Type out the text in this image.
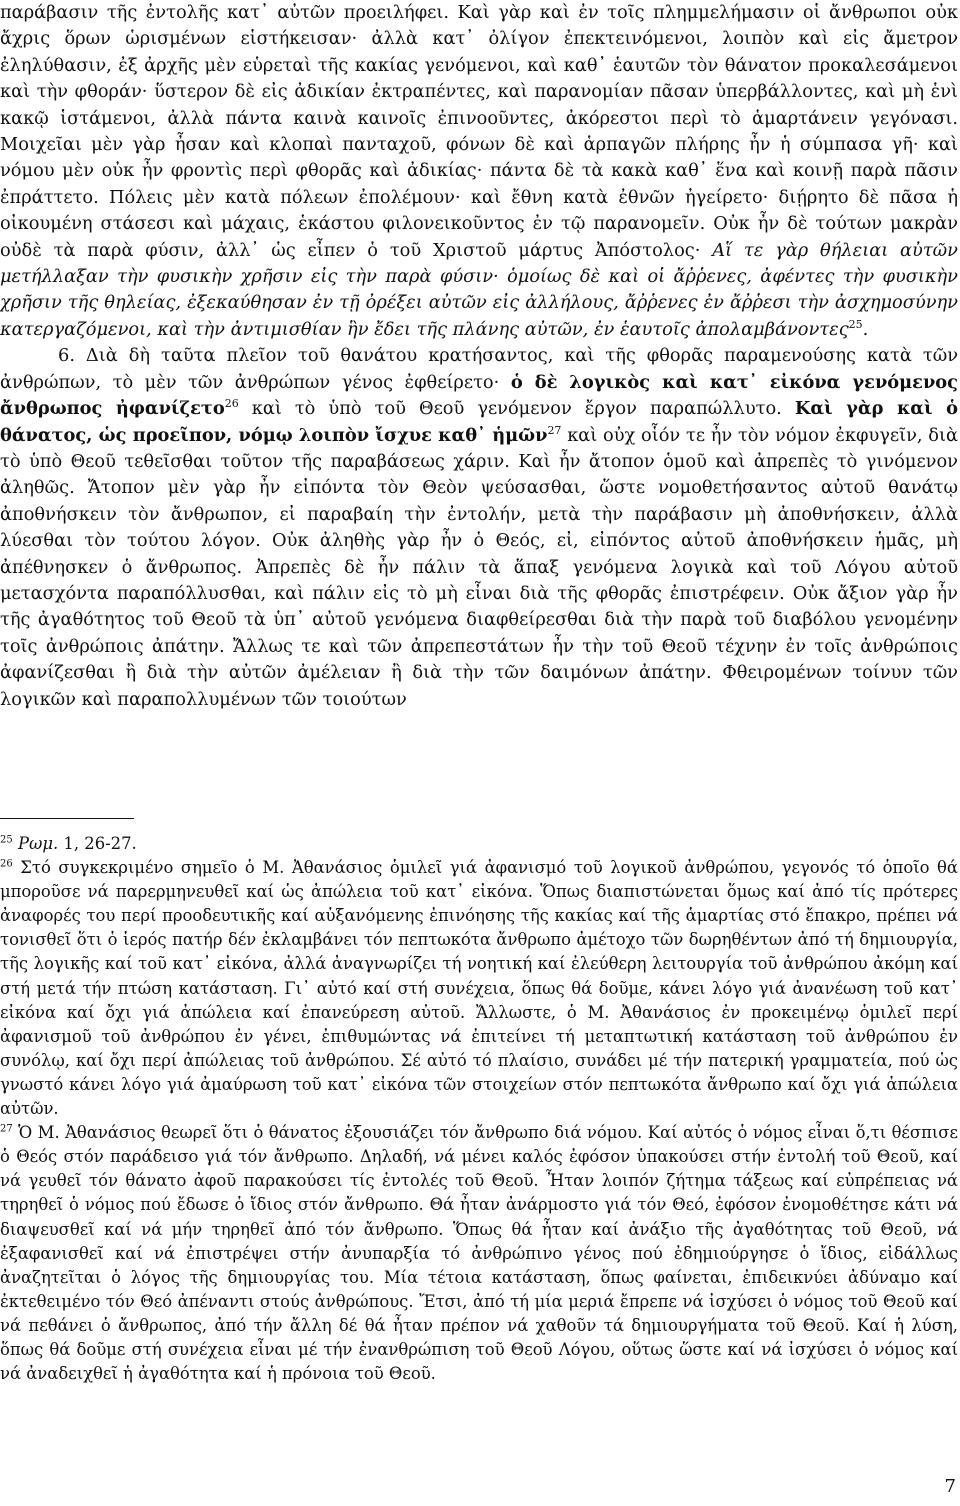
παράβασιν τῆς ἐντολῆς κατ᾽ αὐτῶν προειλήφει. Καὶ γὰρ καὶ ἐν τοῖς πλημμελήμασιν οἱ ἄνθρωποι οὐκ ἄχρις ὅρων ὡρισμένων εἱστήκεισαν· ἀλλὰ κατ᾽ ὀλίγον ἐπεκτεινόμενοι, λοιπὸν καὶ εἰς ἄμετρον ἐληλύθασιν, ἐξ ἀρχῆς μὲν εὑρεταὶ τῆς κακίας γενόμενοι, καὶ καθ᾽ ἑαυτῶν τὸν θάνατον προκαλεσάμενοι καὶ τὴν φθοράν· ὕστερον δὲ εἰς ἀδικίαν ἐκτραπέντες, καὶ παρανομίαν πᾶσαν ὑπερβάλλοντες, καὶ μὴ ἑνὶ κακῷ ἱστάμενοι, ἀλλὰ πάντα καινὰ καινοῖς ἐπινοοῦντες, ἀκόρεστοι περὶ τὸ ἁμαρτάνειν γεγόνασι. Μοιχεῖαι μὲν γὰρ ἦσαν καὶ κλοπαὶ πανταχοῦ, φόνων δὲ καὶ ἁρπαγῶν πλήρης ἦν ἡ σύμπασα γῆ· καὶ νόμου μὲν οὐκ ἦν φροντὶς περὶ φθορᾶς καὶ ἀδικίας· πάντα δὲ τὰ κακὰ καθ᾽ ἕνα καὶ κοινῇ παρὰ πᾶσιν ἐπράττετο. Πόλεις μὲν κατὰ πόλεων ἐπολέμουν· καὶ ἔθνη κατὰ ἐθνῶν ἠγείρετο· διῄρητο δὲ πᾶσα ἡ οἰκουμένη στάσεσι καὶ μάχαις, ἑκάστου φιλονεικοῦντος ἐν τῷ παρανομεῖν. Οὐκ ἦν δὲ τούτων μακρὰν οὐδὲ τὰ παρὰ φύσιν, ἀλλ᾽ ὡς εἶπεν ὁ τοῦ Χριστοῦ μάρτυς Ἀπόστολος· Αἵ τε γὰρ θήλειαι αὐτῶν μετήλλαξαν τὴν φυσικὴν χρῆσιν εἰς τὴν παρὰ φύσιν· ὁμοίως δὲ καὶ οἱ ἄῤῥενες, ἀφέντες τὴν φυσικὴν χρῆσιν τῆς θηλείας, ἐξεκαύθησαν ἐν τῇ ὀρέξει αὐτῶν εἰς ἀλλήλους, ἄῤῥενες ἐν ἄῤῥεσι τὴν ἀσχημοσύνην κατεργαζόμενοι, καὶ τὴν ἀντιμισθίαν ἣν ἔδει τῆς πλάνης αὐτῶν, ἐν ἑαυτοῖς ἀπολαμβάνοντες$^{25}$.

6. Διὰ δὴ ταῦτα πλεῖον τοῦ θανάτου κρατήσαντος, καὶ τῆς φθορᾶς παραμενούσης κατὰ τῶν ἀνθρώπων, τὸ μὲν τῶν ἀνθρώπων γένος ἐφθείρετο· ὁ δὲ λογικὸς καὶ κατ᾽ εἰκόνα γενόμενος ἄνθρωπος ἠφανίζετο$^{26}$ καὶ τὸ ὑπὸ τοῦ Θεοῦ γενόμενον ἔργον παραπώλλυτο. Καὶ γὰρ καὶ ὁ θάνατος, ὡς προεῖπον, νόμῳ λοιπὸν ἴσχυε καθ᾽ ἡμῶν$^{27}$ καὶ οὐχ οἷόν τε ἦν τὸν νόμον ἐκφυγεῖν, διὰ τὸ ὑπὸ Θεοῦ τεθεῖσθαι τοῦτον τῆς παραβάσεως χάριν. Καὶ ἦν ἄτοπον ὁμοῦ καὶ ἀπρεπὲς τὸ γινόμενον ἀληθῶς. Ἄτοπον μὲν γὰρ ἦν εἰπόντα τὸν Θεὸν ψεύσασθαι, ὥστε νομοθετήσαντος αὐτοῦ θανάτῳ ἀποθνήσκειν τὸν ἄνθρωπον, εἰ παραβαίη τὴν ἐντολήν, μετὰ τὴν παράβασιν μὴ ἀποθνήσκειν, ἀλλὰ λύεσθαι τὸν τούτου λόγον. Οὐκ ἀληθὴς γὰρ ἦν ὁ Θεός, εἰ, εἰπόντος αὐτοῦ ἀποθνήσκειν ἡμᾶς, μὴ ἀπέθνησκεν ὁ ἄνθρωπος. Ἀπρεπὲς δὲ ἦν πάλιν τὰ ἅπαξ γενόμενα λογικὰ καὶ τοῦ Λόγου αὐτοῦ μετασχόντα παραπόλλυσθαι, καὶ πάλιν εἰς τὸ μὴ εἶναι διὰ τῆς φθορᾶς ἐπιστρέφειν. Οὐκ ἄξιον γὰρ ἦν τῆς ἀγαθότητος τοῦ Θεοῦ τὰ ὑπ᾽ αὐτοῦ γενόμενα διαφθείρεσθαι διὰ τὴν παρὰ τοῦ διαβόλου γενομένην τοῖς ἀνθρώποις ἀπάτην. Ἄλλως τε καὶ τῶν ἀπρεπεστάτων ἦν τὴν τοῦ Θεοῦ τέχνην ἐν τοῖς ἀνθρώποις ἀφανίζεσθαι ἢ διὰ τὴν αὐτῶν ἀμέλειαν ἢ διὰ τὴν τῶν δαιμόνων ἀπάτην. Φθειρομένων τοίνυν τῶν λογικῶν καὶ παραπολλυμένων τῶν τοιούτων

$^{25}$ Ρωμ. 1, 26-27.

$^{26}$ Στό συγκεκριμένο σημεῖο ὁ Μ. Ἀθανάσιος ὁμιλεῖ γιά ἀφανισμό τοῦ λογικοῦ ἀνθρώπου, γεγονός τό ὁποῖο θά μποροῦσε νά παρερμηνευθεῖ καί ὡς ἀπώλεια τοῦ κατ᾽ εἰκόνα. Ὅπως διαπιστώνεται ὅμως καί ἀπό τίς πρότερες ἀναφορές του περί προοδευτικῆς καί αὐξανόμενης ἐπινόησης τῆς κακίας καί τῆς ἁμαρτίας στό ἔπακρο, πρέπει νά τονισθεῖ ὅτι ὁ ἱερός πατήρ δέν ἐκλαμβάνει τόν πεπτωκότα ἄνθρωπο ἀμέτοχο τῶν δωρηθέντων ἀπό τή δημιουργία, τῆς λογικῆς καί τοῦ κατ᾽ εἰκόνα, ἀλλά ἀναγνωρίζει τή νοητική καί ἐλεύθερη λειτουργία τοῦ ἀνθρώπου ἀκόμη καί στή μετά τήν πτώση κατάσταση. Γι᾽ αὐτό καί στή συνέχεια, ὅπως θά δοῦμε, κάνει λόγο γιά ἀνανέωση τοῦ κατ᾽ εἰκόνα καί ὄχι γιά ἀπώλεια καί ἐπανεύρεση αὐτοῦ. Ἄλλωστε, ὁ Μ. Ἀθανάσιος ἐν προκειμένῳ ὁμιλεῖ περί ἀφανισμοῦ τοῦ ἀνθρώπου ἐν γένει, ἐπιθυμώντας νά ἐπιτείνει τή μεταπτωτική κατάσταση τοῦ ἀνθρώπου ἐν συνόλῳ, καί ὄχι περί ἀπώλειας τοῦ ἀνθρώπου. Σέ αὐτό τό πλαίσιο, συνάδει μέ τήν πατερική γραμματεία, πού ὡς γνωστό κάνει λόγο γιά ἀμαύρωση τοῦ κατ᾽ εἰκόνα τῶν στοιχείων στόν πεπτωκότα ἄνθρωπο καί ὄχι γιά ἀπώλεια αὐτῶν.

$^{27}$ Ὁ Μ. Ἀθανάσιος θεωρεῖ ὅτι ὁ θάνατος ἐξουσιάζει τόν ἄνθρωπο διά νόμου. Καί αὐτός ὁ νόμος εἶναι ὅ,τι θέσπισε ὁ Θεός στόν παράδεισο γιά τόν ἄνθρωπο. Δηλαδή, νά μένει καλός ἐφόσον ὑπακούσει στήν ἐντολή τοῦ Θεοῦ, καί νά γευθεῖ τόν θάνατο ἀφοῦ παρακούσει τίς ἐντολές τοῦ Θεοῦ. Ἦταν λοιπόν ζήτημα τάξεως καί εὐπρέπειας νά τηρηθεῖ ὁ νόμος πού ἔδωσε ὁ ἴδιος στόν ἄνθρωπο. Θά ἦταν ἀνάρμοστο γιά τόν Θεό, ἐφόσον ἐνομοθέτησε κάτι νά διαψευσθεῖ καί νά μήν τηρηθεῖ ἀπό τόν ἄνθρωπο. Ὅπως θά ἦταν καί ἀνάξιο τῆς ἀγαθότητας τοῦ Θεοῦ, νά ἐξαφανισθεῖ καί νά ἐπιστρέψει στήν ἀνυπαρξία τό ἀνθρώπινο γένος πού ἐδημιούργησε ὁ ἴδιος, εἰδάλλως ἀναζητεῖται ὁ λόγος τῆς δημιουργίας του. Μία τέτοια κατάσταση, ὅπως φαίνεται, ἐπιδεικνύει ἀδύναμο καί ἐκτεθειμένο τόν Θεό ἀπέναντι στούς ἀνθρώπους. Ἔτσι, ἀπό τή μία μεριά ἔπρεπε νά ἰσχύσει ὁ νόμος τοῦ Θεοῦ καί νά πεθάνει ὁ ἄνθρωπος, ἀπό τήν ἄλλη δέ θά ἦταν πρέπον νά χαθοῦν τά δημιουργήματα τοῦ Θεοῦ. Καί ἡ λύση, ὅπως θά δοῦμε στή συνέχεια εἶναι μέ τήν ἐνανθρώπιση τοῦ Θεοῦ Λόγου, οὕτως ὥστε καί νά ἰσχύσει ὁ νόμος καί νά ἀναδειχθεῖ ἡ ἀγαθότητα καί ἡ πρόνοια τοῦ Θεοῦ.

7
